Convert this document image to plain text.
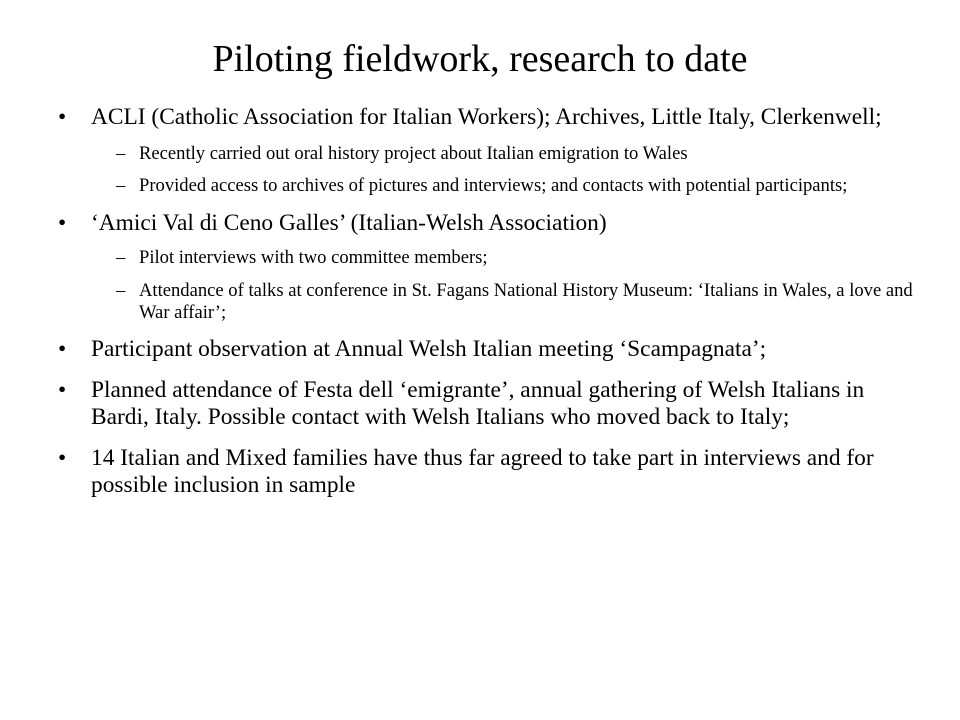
Piloting fieldwork, research to date
• ACLI (Catholic Association for Italian Workers); Archives, Little Italy, Clerkenwell;
– Recently carried out oral history project about Italian emigration to Wales
– Provided access to archives of pictures and interviews; and contacts with potential participants;
• ‘Amici Val di Ceno Galles’ (Italian-Welsh Association)
– Pilot interviews with two committee members;
– Attendance of talks at conference in St. Fagans National History Museum: ‘Italians in Wales, a love and War affair’;
• Participant observation at Annual Welsh Italian meeting ‘Scampagnata’;
• Planned attendance of Festa dell ‘emigrante’, annual gathering of Welsh Italians in Bardi, Italy. Possible contact with Welsh Italians who moved back to Italy;
• 14 Italian and Mixed families have thus far agreed to take part in interviews and for possible inclusion in sample
